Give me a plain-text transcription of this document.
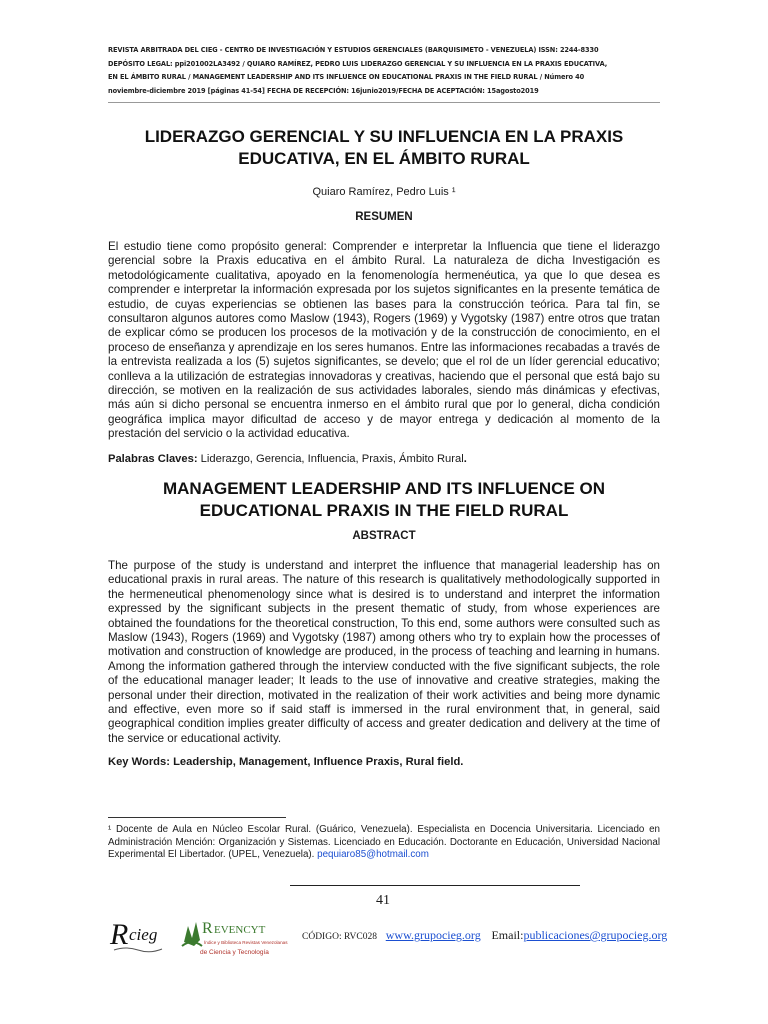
REVISTA ARBITRADA DEL CIEG - CENTRO DE INVESTIGACIÓN Y ESTUDIOS GERENCIALES (BARQUISIMETO - VENEZUELA) ISSN: 2244-8330
DEPÓSITO LEGAL: ppi201002LA3492 / QUIARO RAMÍREZ, PEDRO LUIS LIDERAZGO GERENCIAL Y SU INFLUENCIA EN LA PRAXIS EDUCATIVA,
EN EL ÁMBITO RURAL / MANAGEMENT LEADERSHIP AND ITS INFLUENCE ON EDUCATIONAL PRAXIS IN THE FIELD RURAL / Número 40
noviembre-diciembre 2019 [páginas 41-54] FECHA DE RECEPCIÓN: 16junio2019/FECHA DE ACEPTACIÓN: 15agosto2019
LIDERAZGO GERENCIAL Y SU INFLUENCIA EN LA PRAXIS
EDUCATIVA, EN EL ÁMBITO RURAL
Quiaro Ramírez, Pedro Luis ¹
RESUMEN
El estudio tiene como propósito general: Comprender e interpretar la Influencia que tiene el liderazgo gerencial sobre la Praxis educativa en el ámbito Rural. La naturaleza de dicha Investigación es metodológicamente cualitativa, apoyado en la fenomenología hermenéutica, ya que lo que desea es comprender e interpretar la información expresada por los sujetos significantes en la presente temática de estudio, de cuyas experiencias se obtienen las bases para la construcción teórica. Para tal fin, se consultaron algunos autores como Maslow (1943), Rogers (1969) y Vygotsky (1987) entre otros que tratan de explicar cómo se producen los procesos de la motivación y de la construcción de conocimiento, en el proceso de enseñanza y aprendizaje en los seres humanos. Entre las informaciones recabadas a través de la entrevista realizada a los (5) sujetos significantes, se develo; que el rol de un líder gerencial educativo; conlleva a la utilización de estrategias innovadoras y creativas, haciendo que el personal que está bajo su dirección, se motiven en la realización de sus actividades laborales, siendo más dinámicas y efectivas, más aún si dicho personal se encuentra inmerso en el ámbito rural que por lo general, dicha condición geográfica implica mayor dificultad de acceso y de mayor entrega y dedicación al momento de la prestación del servicio o la actividad educativa.
Palabras Claves: Liderazgo, Gerencia, Influencia, Praxis, Ámbito Rural.
MANAGEMENT LEADERSHIP AND ITS INFLUENCE ON
EDUCATIONAL PRAXIS IN THE FIELD RURAL
ABSTRACT
The purpose of the study is understand and interpret the influence that managerial leadership has on educational praxis in rural areas. The nature of this research is qualitatively methodologically supported in the hermeneutical phenomenology since what is desired is to understand and interpret the information expressed by the significant subjects in the present thematic of study, from whose experiences are obtained the foundations for the theoretical construction, To this end, some authors were consulted such as Maslow (1943), Rogers (1969) and Vygotsky (1987) among others who try to explain how the processes of motivation and construction of knowledge are produced, in the process of teaching and learning in humans. Among the information gathered through the interview conducted with the five significant subjects, the role of the educational manager leader; It leads to the use of innovative and creative strategies, making the personal under their direction, motivated in the realization of their work activities and being more dynamic and effective, even more so if said staff is immersed in the rural environment that, in general, said geographical condition implies greater difficulty of access and greater dedication and delivery at the time of the service or educational activity.
Key Words: Leadership, Management, Influence Praxis, Rural field.
¹ Docente de Aula en Núcleo Escolar Rural. (Guárico, Venezuela). Especialista en Docencia Universitaria. Licenciado en Administración Mención: Organización y Sistemas. Licenciado en Educación. Doctorante en Educación, Universidad Nacional Experimental El Libertador. (UPEL, Venezuela). pequiaro85@hotmail.com
41
R cieg	R EVENCYT
Índice y Biblioteca Revistas Venezolanas
de Ciencia y Tecnología
CÓDIGO: RVC028 www.grupocieg.org Email:publicaciones@grupocieg.org
